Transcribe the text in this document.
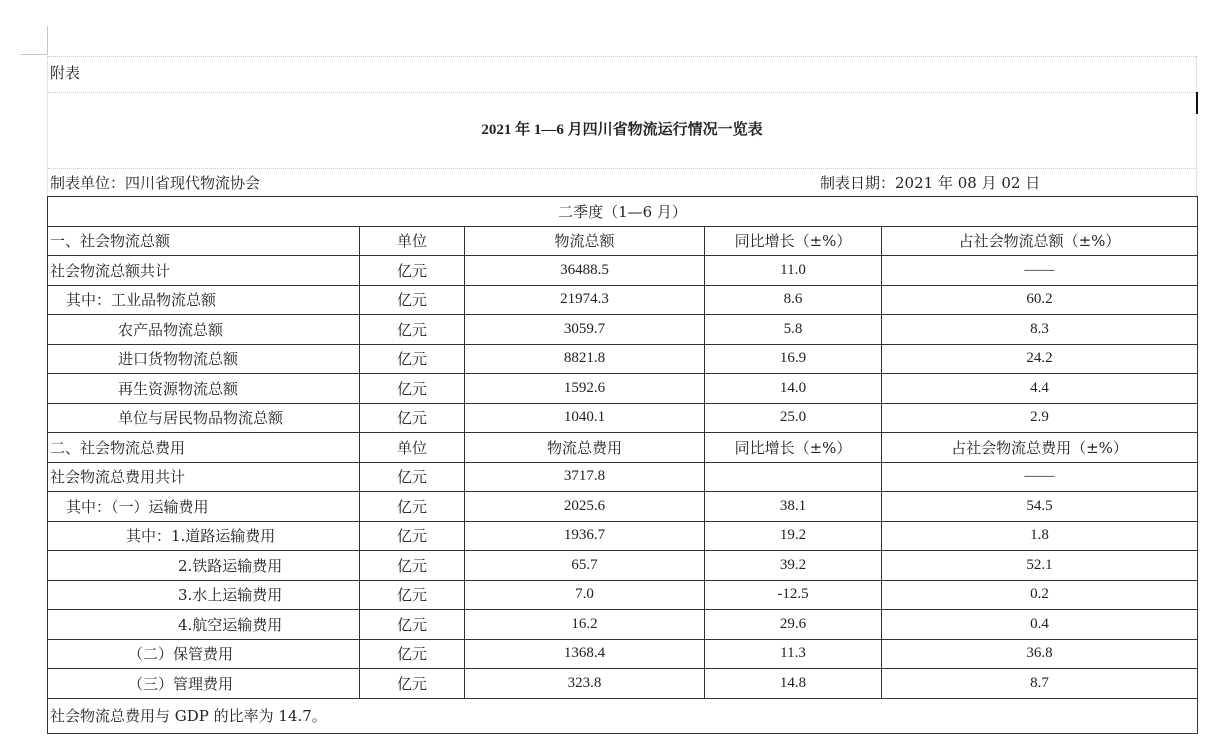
附表
2021 年 1—6 月四川省物流运行情况一览表
制表单位：四川省现代物流协会	制表日期：2021 年 08 月 02 日
二季度（1—6 月）				
一、社会物流总额	单位	物流总额	同比增长（±%）	占社会物流总额（±%）
社会物流总额共计	亿元	36488.5	11.0	——
其中：工业品物流总额	亿元	21974.3	8.6	60.2
农产品物流总额	亿元	3059.7	5.8	8.3
进口货物物流总额	亿元	8821.8	16.9	24.2
再生资源物流总额	亿元	1592.6	14.0	4.4
单位与居民物品物流总额	亿元	1040.1	25.0	2.9
二、社会物流总费用	单位	物流总费用	同比增长（±%）	占社会物流总费用（±%）
社会物流总费用共计	亿元	3717.8		——
其中：（一）运输费用	亿元	2025.6	38.1	54.5
其中：1.道路运输费用	亿元	1936.7	19.2	1.8
2.铁路运输费用	亿元	65.7	39.2	52.1
3.水上运输费用	亿元	7.0	-12.5	0.2
4.航空运输费用	亿元	16.2	29.6	0.4
（二）保管费用	亿元	1368.4	11.3	36.8
（三）管理费用	亿元	323.8	14.8	8.7
社会物流总费用与 GDP 的比率为 14.7。				
